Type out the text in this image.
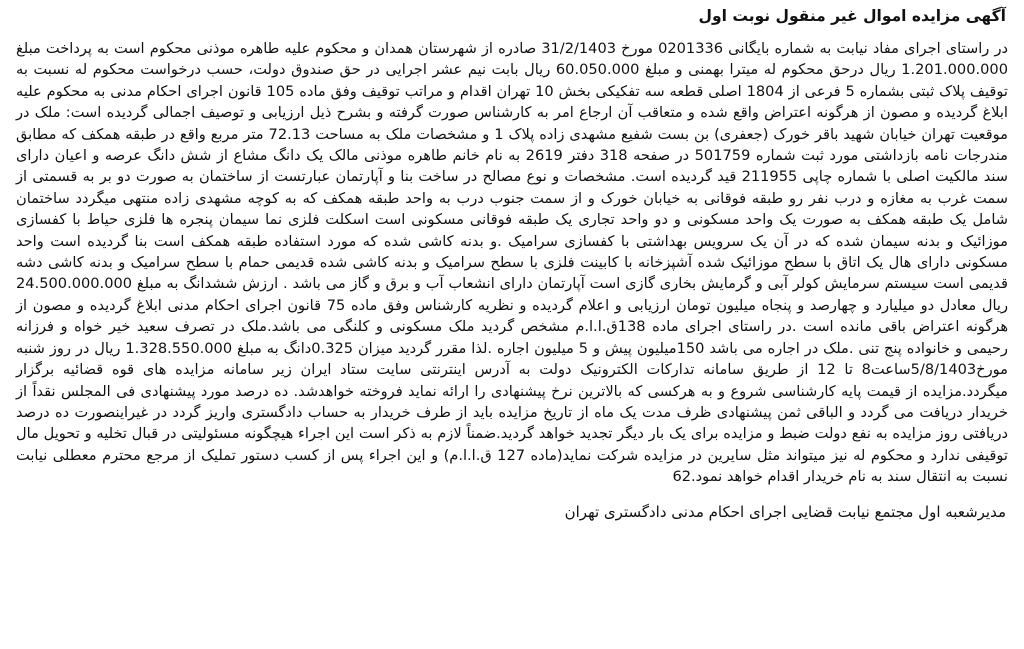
آگهی مزایده اموال غیر منقول نوبت اول

در راستای اجرای مفاد نیابت به شماره بایگانی 0201336 مورخ 31/2/1403 صادره از شهرستان همدان و محکوم علیه طاهره موذنی محکوم است به پرداخت مبلغ 1.201.000.000 ریال درحق محکوم له میترا بهمنی و مبلغ 60.050.000 ریال بابت نیم عشر اجرایی در حق صندوق دولت، حسب درخواست محکوم له نسبت به توقیف پلاک ثبتی بشماره 5 فرعی از 1804 اصلی قطعه سه تفکیکی بخش 10 تهران اقدام و مراتب توقیف وفق ماده 105 قانون اجرای احکام مدنی به محکوم علیه ابلاغ گردیده و مصون از هرگونه اعتراض واقع شده و متعاقب آن ارجاع امر به کارشناس صورت گرفته و بشرح ذیل ارزیابی و توصیف اجمالی گردیده است: ملک در موقعیت تهران خیابان شهید باقر خورک (جعفری) بن بست شفیع مشهدی زاده پلاک 1 و مشخصات ملک به مساحت 72.13 متر مربع واقع در طبقه همکف که مطابق مندرجات نامه بازداشتی مورد ثبت شماره 501759 در صفحه 318 دفتر 2619 به نام خانم طاهره موذنی مالک یک دانگ مشاع از شش دانگ عرصه و اعیان دارای سند مالکیت اصلی با شماره چاپی 211955 قید گردیده است. مشخصات و نوع مصالح در ساخت بنا و آپارتمان عبارتست از ساختمان به صورت دو بر به قسمتی از سمت غرب به مغازه و درب نفر رو طبقه فوقانی به خیابان خورک و از سمت جنوب درب به واحد طبقه همکف که به کوچه مشهدی زاده منتهی میگردد ساختمان شامل یک طبقه همکف به صورت یک واحد مسکونی و دو واحد تجاری یک طبقه فوقانی مسکونی است اسکلت فلزی نما سیمان پنجره ها فلزی حیاط با کفسازی موزائیک و بدنه سیمان شده که در آن یک سرویس بهداشتی با کفسازی سرامیک .و بدنه کاشی شده که مورد استفاده طبقه همکف است بنا گردیده است واحد مسکونی دارای هال یک اتاق با سطح موزائیک شده آشپزخانه با کابینت فلزی با سطح سرامیک و بدنه کاشی شده قدیمی حمام با سطح سرامیک و بدنه کاشی دشه قدیمی است سیستم سرمایش کولر آبی و گرمایش بخاری گازی است آپارتمان دارای انشعاب آب و برق و گاز می باشد . ارزش ششدانگ به مبلغ 24.500.000.000 ریال معادل دو میلیارد و چهارصد و پنجاه میلیون تومان ارزیابی و اعلام گردیده و نظریه کارشناس وفق ماده 75 قانون اجرای احکام مدنی ابلاغ گردیده و مصون از هرگونه اعتراض باقی مانده است .در راستای اجرای ماده 138ق.ا.ا.م مشخص گردید ملک مسکونی و کلنگی می باشد.ملک در تصرف سعید خیر خواه و فرزانه رحیمی و خانواده پنج تنی .ملک در اجاره می باشد 150میلیون پیش و 5 میلیون اجاره .لذا مقرر گردید میزان 0.325دانگ به مبلغ 1.328.550.000 ریال در روز شنبه مورخ5/8/1403ساعت8 تا 12 از طریق سامانه تدارکات الکترونیک دولت به آدرس اینترنتی سایت ستاد ایران زیر سامانه مزایده های قوه قضائیه برگزار میگردد.مزایده از قیمت پایه کارشناسی شروع و به هرکسی که بالاترین نرخ پیشنهادی را ارائه نماید فروخته خواهدشد. ده درصد مورد پیشنهادی فی المجلس نقداً از خریدار دریافت می گردد و الباقی ثمن پیشنهادی ظرف مدت یک ماه از تاریخ مزایده باید از طرف خریدار به حساب دادگستری واریز گردد در غیراینصورت ده درصد دریافتی روز مزایده به نفع دولت ضبط و مزایده برای یک بار دیگر تجدید خواهد گردید.ضمناً لازم به ذکر است این اجراء هیچگونه مسئولیتی در قبال تخلیه و تحویل مال توقیفی ندارد و محکوم له نیز میتواند مثل سایرین در مزایده شرکت نماید(ماده 127 ق.ا.ا.م) و این اجراء پس از کسب دستور تملیک از مرجع محترم معطلی نیابت نسبت به انتقال سند به نام خریدار اقدام خواهد نمود.62

مدیرشعبه اول مجتمع نیابت قضایی اجرای احکام مدنی دادگستری تهران
